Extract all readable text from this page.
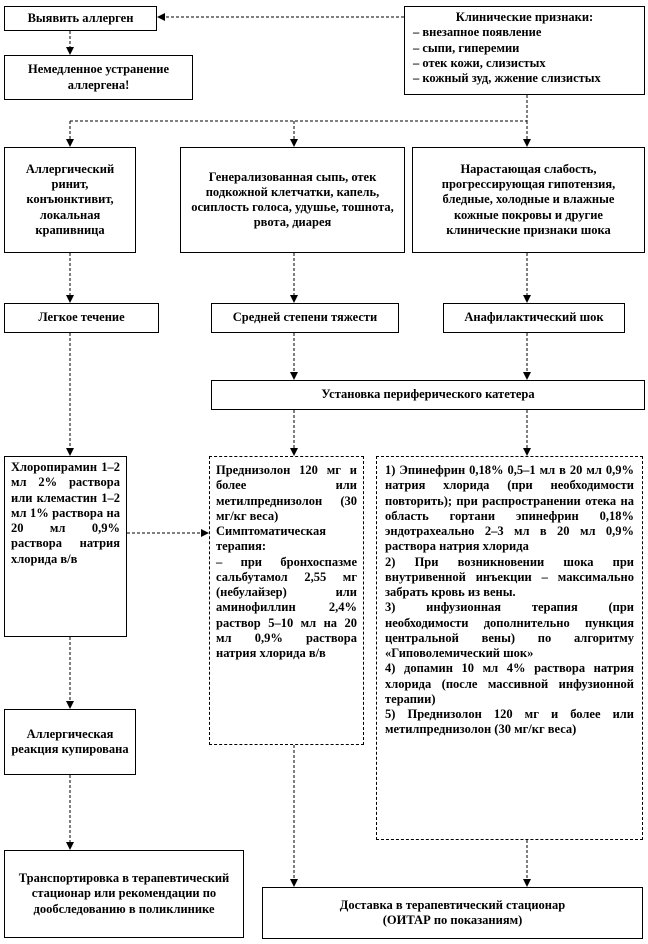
Выявить аллерген	Клинические признаки:
– внезапное появление
– сыпи, гиперемии
– отек кожи, слизистых
– кожный зуд, жжение слизистых
Немедленное устранение аллергена!
Аллергический ринит, конъюнктивит, локальная крапивница
Генерализованная сыпь, отек подкожной клетчатки, капель, осиплость голоса, удушье, тошнота, рвота, диарея
Нарастающая слабость, прогрессирующая гипотензия, бледные, холодные и влажные кожные покровы и другие клинические признаки шока
Легкое течение	Средней степени тяжести	Анафилактический шок
Установка периферического катетера
Хлоропирамин 1–2 мл 2% раствора или клемастин 1–2 мл 1% раствора на 20 мл 0,9% раствора натрия хлорида в/в
Преднизолон 120 мг и более или метилпреднизолон (30 мг/кг веса)
Симптоматическая терапия:
– при бронхоспазме сальбутамол 2,55 мг (небулайзер) или аминофиллин 2,4% раствор 5–10 мл на 20 мл 0,9% раствора натрия хлорида в/в
1) Эпинефрин 0,18% 0,5–1 мл в 20 мл 0,9% натрия хлорида (при необходимости повторить); при распространении отека на область гортани эпинефрин 0,18% эндотрахеально 2–3 мл в 20 мл 0,9% раствора натрия хлорида
2) При возникновении шока при внутривенной инъекции – максимально забрать кровь из вены.
3) инфузионная терапия (при необходимости дополнительно пункция центральной вены) по алгоритму «Гиповолемический шок»
4) допамин 10 мл 4% раствора натрия хлорида (после массивной инфузионной терапии)
5) Преднизолон 120 мг и более или метилпреднизолон (30 мг/кг веса)
Аллергическая реакция купирована
Транспортировка в терапевтический стационар или рекомендации по дообследованию в поликлинике	Доставка в терапевтический стационар
(ОИТАР по показаниям)
